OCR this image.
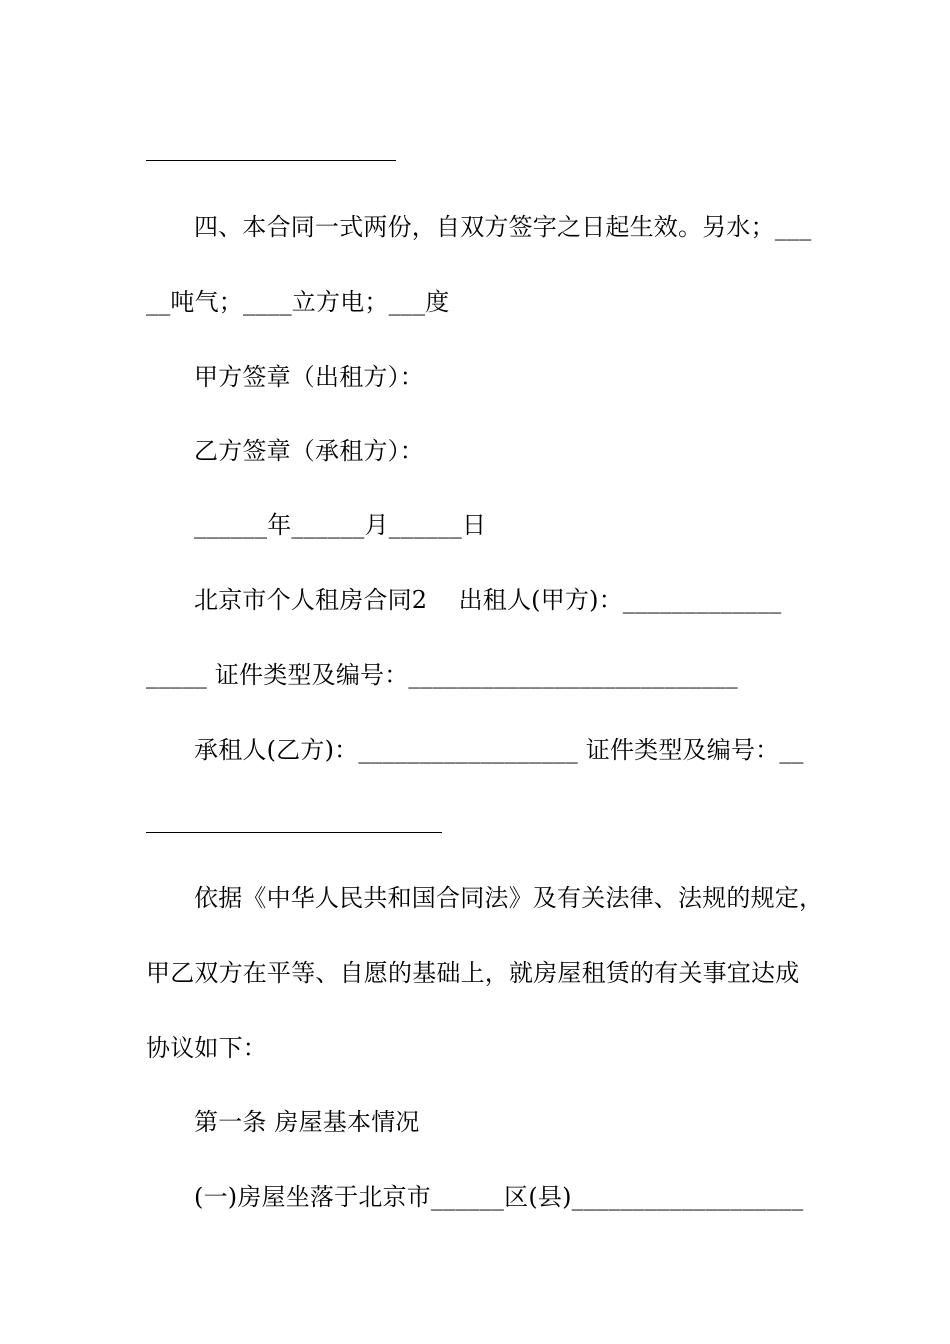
四、本合同一式两份，自双方签字之日起生效。另水；___
__吨气；____立方电；___度
甲方签章（出租方）：
乙方签章（承租方）：
______年______月______日
北京市个人租房合同2    出租人(甲方)：_____________
_____ 证件类型及编号：___________________________
承租人(乙方)：__________________ 证件类型及编号：__
依据《中华人民共和国合同法》及有关法律、法规的规定，
甲乙双方在平等、自愿的基础上，就房屋租赁的有关事宜达成
协议如下：
第一条 房屋基本情况
(一)房屋坐落于北京市______区(县)___________________
